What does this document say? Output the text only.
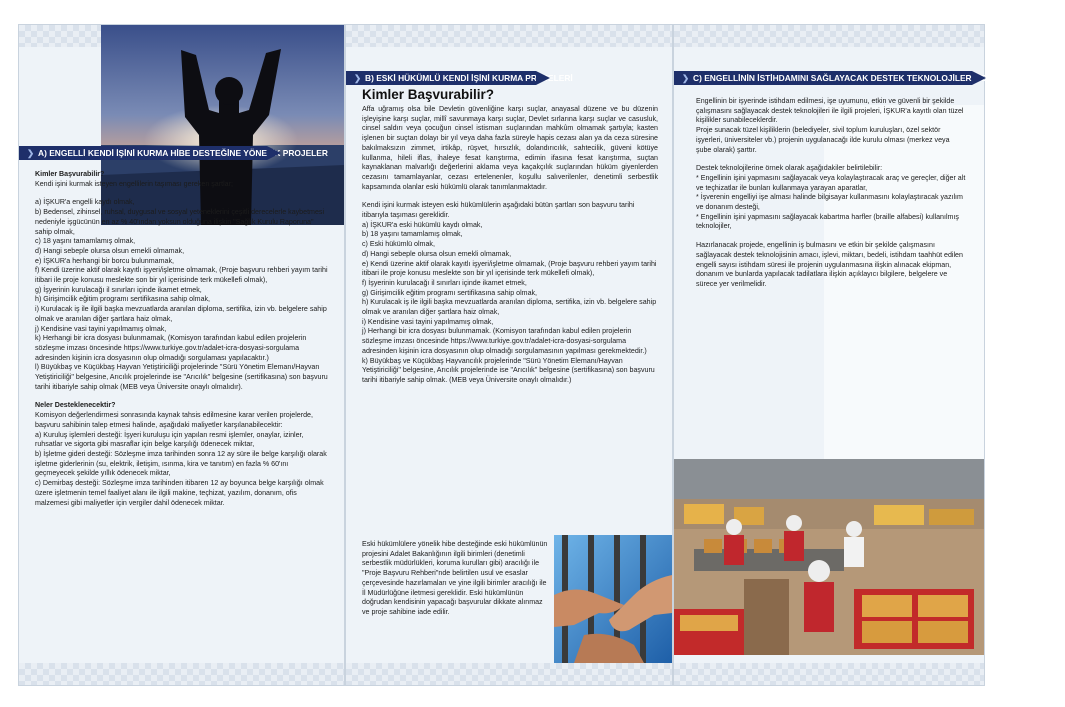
❯ A) ENGELLİ KENDİ İŞİNİ KURMA HİBE DESTEĞİNE YÖNELİK PROJELER

Kimler Başvurabilir?

Kendi işini kurmak isteyen engellilerin taşıması gereken şartlar;

a) İŞKUR'a engelli kaydı olmak,

b) Bedensel, zihinsel, ruhsal, duygusal ve sosyal yeteneklerini çeşitli derecelerle kaybetmesi nedeniyle işgücünün en az % 40'ından yoksun olduğuna ilişkin "Sağlık Kurulu Raporuna" sahip olmak,

c) 18 yaşını tamamlamış olmak,

d) Hangi sebeple olursa olsun emekli olmamak,

e) İŞKUR'a herhangi bir borcu bulunmamak,

f) Kendi üzerine aktif olarak kayıtlı işyeri/işletme olmamak, (Proje başvuru rehberi yayım tarihi itibari ile proje konusu meslekte son bir yıl içerisinde terk mükellefi olmak),

g) İşyerinin kurulacağı il sınırları içinde ikamet etmek,

h) Girişimcilik eğitim programı sertifikasına sahip olmak,

i) Kurulacak iş ile ilgili başka mevzuatlarda aranılan diploma, sertifika, izin vb. belgelere sahip olmak ve aranılan diğer şartlara haiz olmak,

j) Kendisine vasi tayini yapılmamış olmak,

k) Herhangi bir icra dosyası bulunmamak, (Komisyon tarafından kabul edilen projelerin sözleşme imzası öncesinde https://www.turkiye.gov.tr/adalet-icra-dosyasi-sorgulama adresinden kişinin icra dosyasının olup olmadığı sorgulaması yapılacaktır.)

l) Büyükbaş ve Küçükbaş Hayvan Yetiştiriciliği projelerinde "Sürü Yönetim Elemanı/Hayvan Yetiştiriciliği" belgesine, Arıcılık projelerinde ise "Arıcılık" belgesine (sertifikasına) son başvuru tarihi itibariyle sahip olmak (MEB veya Üniversite onaylı olmalıdır).

Neler Desteklenecektir?

Komisyon değerlendirmesi sonrasında kaynak tahsis edilmesine karar verilen projelerde, başvuru sahibinin talep etmesi halinde, aşağıdaki maliyetler karşılanabilecektir:

a) Kuruluş işlemleri desteği: İşyeri kuruluşu için yapılan resmi işlemler, onaylar, izinler, ruhsatlar ve sigorta gibi masraflar için belge karşılığı ödenecek miktar,

b) İşletme gideri desteği: Sözleşme imza tarihinden sonra 12 ay süre ile belge karşılığı olarak işletme giderlerinin (su, elektrik, iletişim, ısınma, kira ve tanıtım) en fazla % 60'ını geçmeyecek şekilde yıllık ödenecek miktar,

c) Demirbaş desteği: Sözleşme imza tarihinden itibaren 12 ay boyunca belge karşılığı olmak üzere işletmenin temel faaliyet alanı ile ilgili makine, teçhizat, yazılım, donanım, ofis malzemesi gibi maliyetler için vergiler dahil ödenecek miktar.

❯ B) ESKİ HÜKÜMLÜ KENDİ İŞİNİ KURMA PROJELERİ
Kimler Başvurabilir?

Affa uğramış olsa bile Devletin güvenliğine karşı suçlar, anayasal düzene ve bu düzenin işleyişine karşı suçlar, millî savunmaya karşı suçlar, Devlet sırlarına karşı suçlar ve casusluk, cinsel saldırı veya çocuğun cinsel istismarı suçlarından mahkûm olmamak şartıyla; kasten işlenen bir suçtan dolayı bir yıl veya daha fazla süreyle hapis cezası alan ya da ceza süresine bakılmaksızın zimmet, irtikâp, rüşvet, hırsızlık, dolandırıcılık, sahtecilik, güveni kötüye kullanma, hileli iflas, ihaleye fesat karıştırma, edimin ifasına fesat karıştırma, suçtan kaynaklanan malvarlığı değerlerini aklama veya kaçakçılık suçlarından hüküm giyenlerden cezasını tamamlayanlar, cezası ertelenenler, koşullu salıverilenler, denetimli serbestlik kapsamında olanlar eski hükümlü olarak tanımlanmaktadır.

Kendi işini kurmak isteyen eski hükümlülerin aşağıdaki bütün şartları son başvuru tarihi itibarıyla taşıması gereklidir.

a) İŞKUR'a eski hükümlü kaydı olmak,

b) 18 yaşını tamamlamış olmak,

c) Eski hükümlü olmak,

d) Hangi sebeple olursa olsun emekli olmamak,

e) Kendi üzerine aktif olarak kayıtlı işyeri/işletme olmamak, (Proje başvuru rehberi yayım tarihi itibari ile proje konusu meslekte son bir yıl içerisinde terk mükellefi olmak),

f) İşyerinin kurulacağı il sınırları içinde ikamet etmek,

g) Girişimcilik eğitim programı sertifikasına sahip olmak,

h) Kurulacak iş ile ilgili başka mevzuatlarda aranılan diploma, sertifika, izin vb. belgelere sahip olmak ve aranılan diğer şartlara haiz olmak,

i) Kendisine vasi tayini yapılmamış olmak,

j) Herhangi bir icra dosyası bulunmamak. (Komisyon tarafından kabul edilen projelerin sözleşme imzası öncesinde https://www.turkiye.gov.tr/adalet-icra-dosyasi-sorgulama adresinden kişinin icra dosyasının olup olmadığı sorgulamasının yapılması gerekmektedir.)

k) Büyükbaş ve Küçükbaş Hayvancılık projelerinde "Sürü Yönetim Elemanı/Hayvan Yetiştiriciliği" belgesine, Arıcılık projelerinde ise "Arıcılık" belgesine (sertifikasına) son başvuru tarihi itibariyle sahip olmak. (MEB veya Üniversite onaylı olmalıdır.)

Eski hükümlülere yönelik hibe desteğinde eski hükümlünün projesini Adalet Bakanlığının ilgili birimleri (denetimli serbestlik müdürlükleri, koruma kurulları gibi) aracılığı ile "Proje Başvuru Rehberi"nde belirtilen usul ve esaslar çerçevesinde hazırlamaları ve yine ilgili birimler aracılığı ile İl Müdürlüğüne iletmesi gereklidir. Eski hükümlünün doğrudan kendisinin yapacağı başvurular dikkate alınmaz ve proje sahibine iade edilir.
❯ C) ENGELLİNİN İSTİHDAMINI SAĞLAYACAK DESTEK TEKNOLOJİLERİNE İLİŞKİN PROJELER

Engellinin bir işyerinde istihdam edilmesi, işe uyumunu, etkin ve güvenli bir şekilde çalışmasını sağlayacak destek teknolojileri ile ilgili projeleri, İŞKUR'a kayıtlı olan tüzel kişilikler sunabileceklerdir.

Proje sunacak tüzel kişiliklerin (belediyeler, sivil toplum kuruluşları, özel sektör işyerleri, üniversiteler vb.) projenin uygulanacağı ilde kurulu olması (merkez veya şube olarak) şarttır.

Destek teknolojilerine örnek olarak aşağıdakiler belirtilebilir:

* Engellinin işini yapmasını sağlayacak veya kolaylaştıracak araç ve gereçler, diğer alt ve teçhizatlar ile bunları kullanmaya yarayan aparatlar,

* İşverenin engelliyi işe alması halinde bilgisayar kullanmasını kolaylaştıracak yazılım ve donanım desteği,

* Engellinin işini yapmasını sağlayacak kabartma harfler (braille alfabesi) kullanılmış teknolojiler,

Hazırlanacak projede, engellinin iş bulmasını ve etkin bir şekilde çalışmasını sağlayacak destek teknolojisinin amacı, işlevi, miktarı, bedeli, istihdam taahhüt edilen engelli sayısı istihdam süresi ile projenin uygulanmasına ilişkin alınacak ekipman, donanım ve bunlarda yapılacak tadilatlara ilişkin açıklayıcı bilgilere, belgelere ve sürece yer verilmelidir.
